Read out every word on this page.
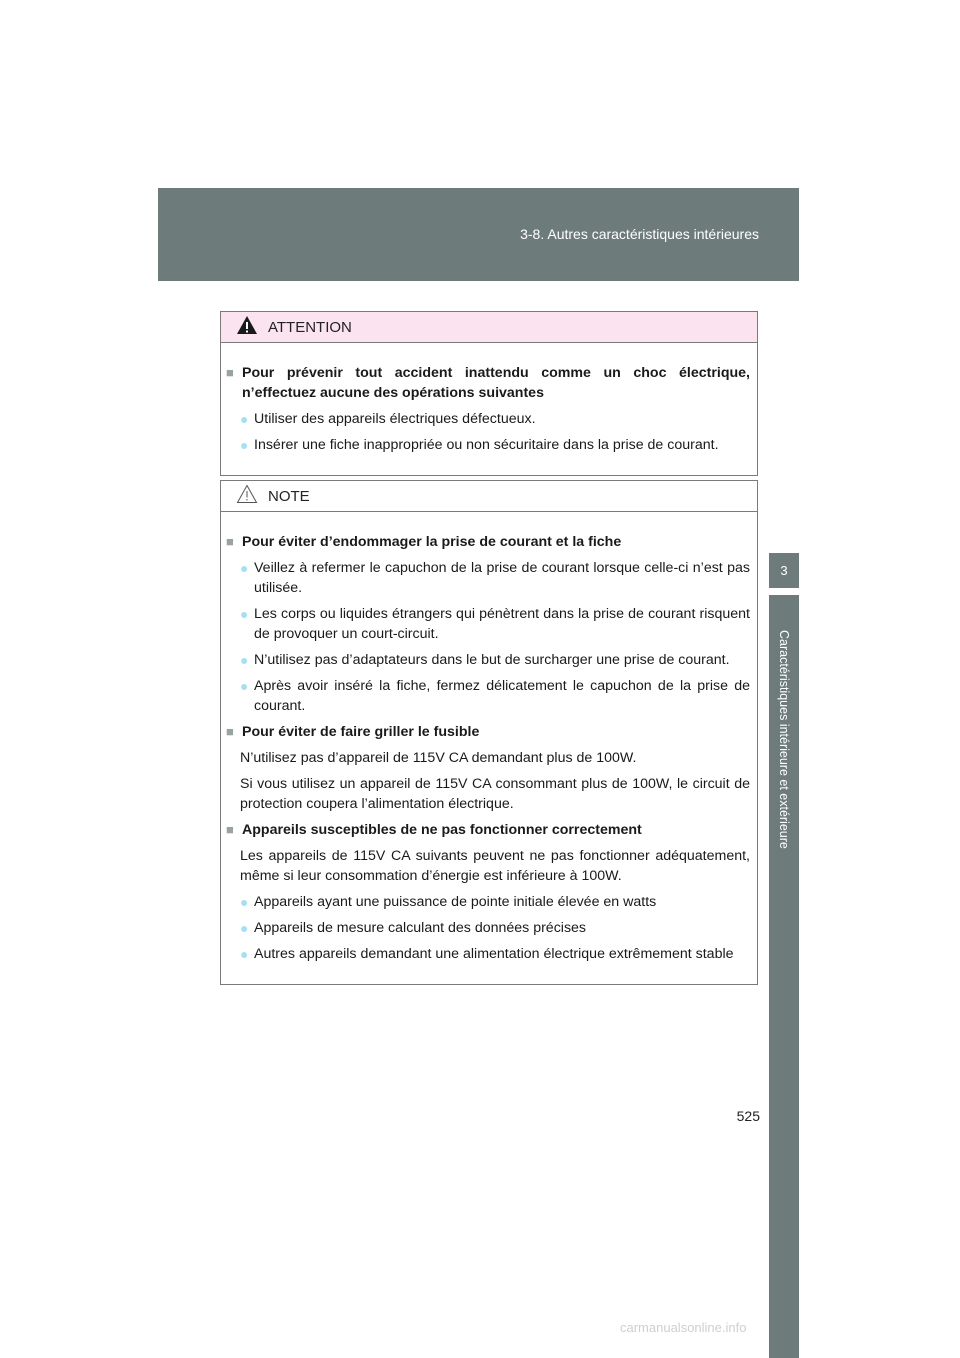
3-8. Autres caractéristiques intérieures
3
Caractéristiques intérieure et extérieure
ATTENTION
■ Pour prévenir tout accident inattendu comme un choc électrique, n’effectuez aucune des opérations suivantes
● Utiliser des appareils électriques défectueux.
● Insérer une fiche inappropriée ou non sécuritaire dans la prise de courant.
NOTE
■ Pour éviter d’endommager la prise de courant et la fiche
● Veillez à refermer le capuchon de la prise de courant lorsque celle-ci n’est pas utilisée.
● Les corps ou liquides étrangers qui pénètrent dans la prise de courant risquent de provoquer un court-circuit.
● N’utilisez pas d’adaptateurs dans le but de surcharger une prise de courant.
● Après avoir inséré la fiche, fermez délicatement le capuchon de la prise de courant.
■ Pour éviter de faire griller le fusible
N’utilisez pas d’appareil de 115V CA demandant plus de 100W.
Si vous utilisez un appareil de 115V CA consommant plus de 100W, le circuit de protection coupera l’alimentation électrique.
■ Appareils susceptibles de ne pas fonctionner correctement
Les appareils de 115V CA suivants peuvent ne pas fonctionner adéquatement, même si leur consommation d’énergie est inférieure à 100W.
● Appareils ayant une puissance de pointe initiale élevée en watts
● Appareils de mesure calculant des données précises
● Autres appareils demandant une alimentation électrique extrêmement stable
525
carmanualsonline.info
